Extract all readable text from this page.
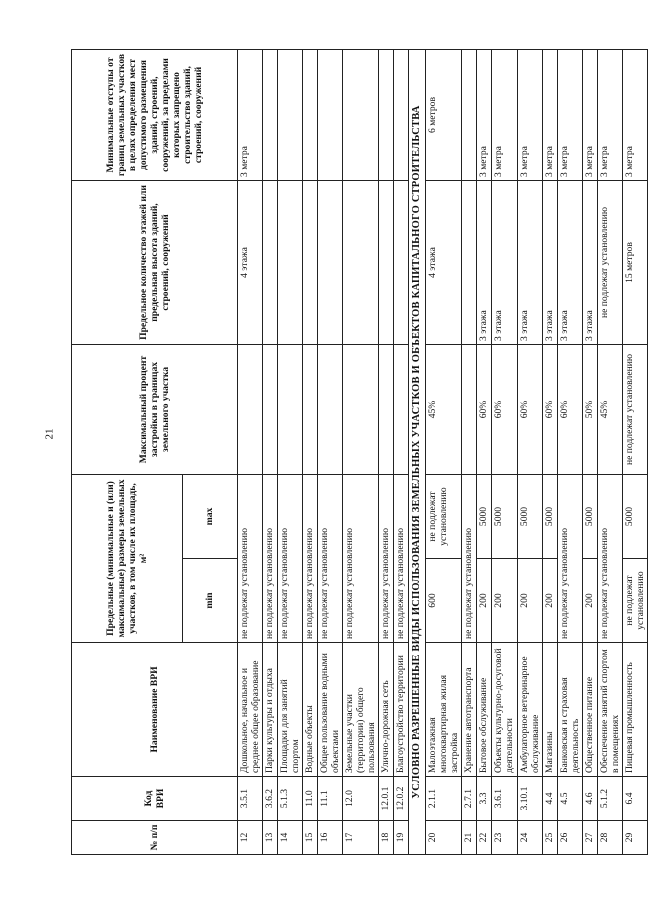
21
№ п/п	Код ВРИ	Наименование ВРИ	Предельные (минимальные и (или) максимальные) размеры земельных участков, в том числе их площадь, м²		Максимальный процент застройки в границах земельного участка	Предельное количество этажей или предельная высота зданий, строений, сооружений	Минимальные отступы от границ земельных участков в целях определения мест допустимого размещения зданий, строений, сооружений, за пределами которых запрещено строительство зданий, строений, сооружений
			min	max			
12	3.5.1	Дошкольное, начальное и среднее общее образование	не подлежат установлению			4 этажа	3 метра
13	3.6.2	Парки культуры и отдыха	не подлежат установлению				
14	5.1.3	Площадки для занятий спортом	не подлежат установлению				
15	11.0	Водные объекты	не подлежат установлению				
16	11.1	Общее пользование водными объектами	не подлежат установлению				
17	12.0	Земельные участки (территории) общего пользования	не подлежат установлению				
18	12.0.1	Улично-дорожная сеть	не подлежат установлению				
19	12.0.2	Благоустройство территории	не подлежат установлению				
УСЛОВНО РАЗРЕШЕННЫЕ ВИДЫ ИСПОЛЬЗОВАНИЯ ЗЕМЕЛЬНЫХ УЧАСТКОВ И ОБЪЕКТОВ КАПИТАЛЬНОГО СТРОИТЕЛЬСТВА							
20	2.1.1	Малоэтажная многоквартирная жилая застройка	600	не подлежат установлению	45%	4 этажа	6 метров
21	2.7.1	Хранение автотранспорта	не подлежат установлению				
22	3.3	Бытовое обслуживание	200	5000	60%	3 этажа	3 метра
23	3.6.1	Объекты культурно-досуговой деятельности	200	5000	60%	3 этажа	3 метра
24	3.10.1	Амбулаторное ветеринарное обслуживание	200	5000	60%	3 этажа	3 метра
25	4.4	Магазины	200	5000	60%	3 этажа	3 метра
26	4.5	Банковская и страховая деятельность	не подлежат установлению		60%	3 этажа	3 метра
27	4.6	Общественное питание	200	5000	50%	3 этажа	3 метра
28	5.1.2	Обеспечение занятий спортом в помещениях	не подлежат установлению		45%	не подлежат установлению	3 метра
29	6.4	Пищевая промышленность	не подлежат установлению	5000	не подлежат установлению	15 метров	3 метра
